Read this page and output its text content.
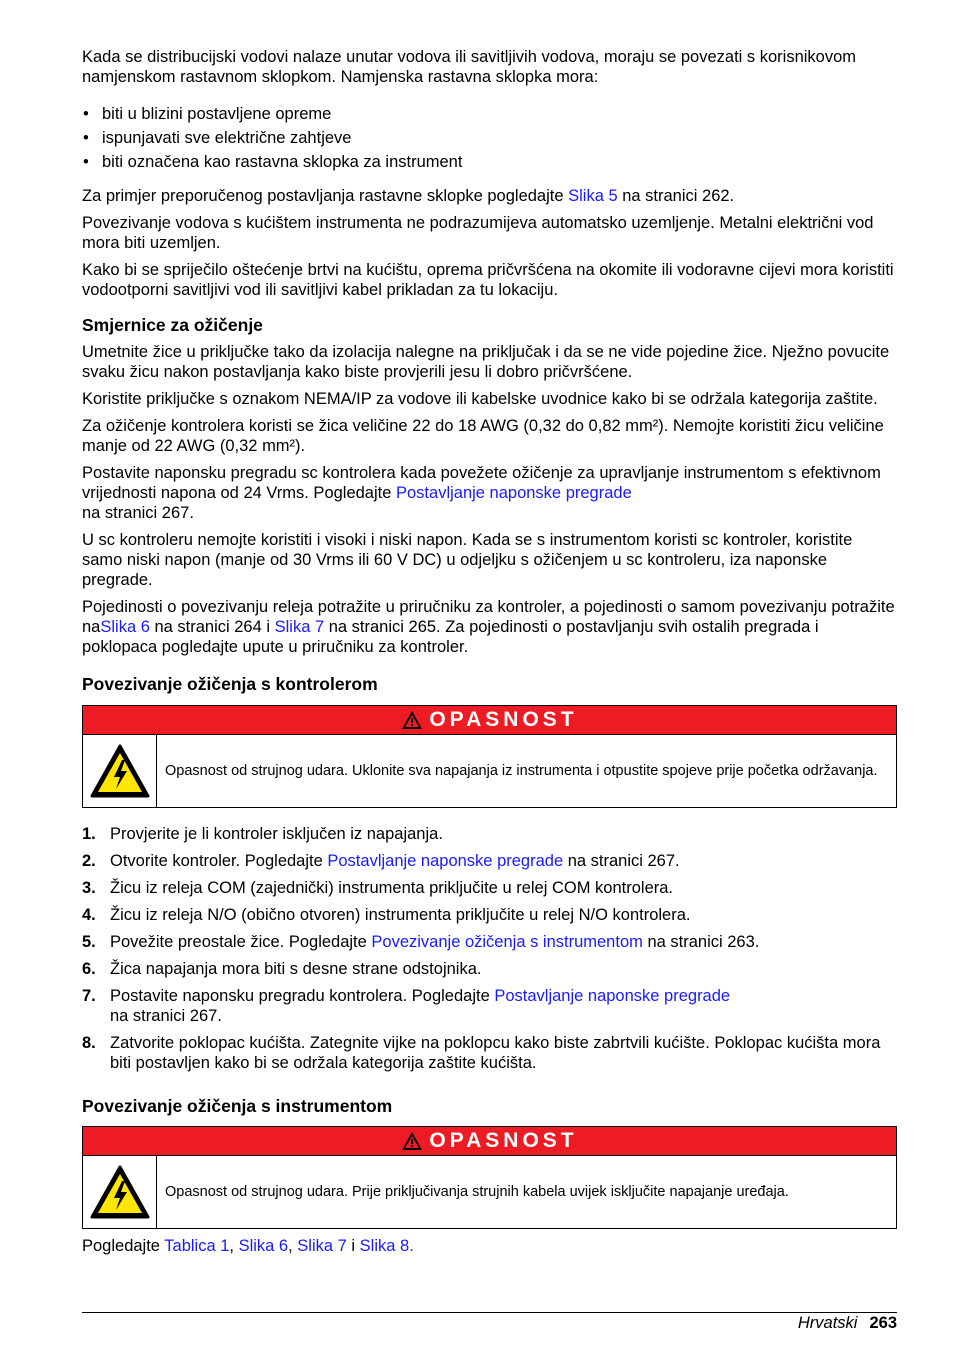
Kada se distribucijski vodovi nalaze unutar vodova ili savitljivih vodova, moraju se povezati s korisnikovom namjenskom rastavnom sklopkom. Namjenska rastavna sklopka mora:

• biti u blizini postavljene opreme
• ispunjavati sve električne zahtjeve
• biti označena kao rastavna sklopka za instrument

Za primjer preporučenog postavljanja rastavne sklopke pogledajte Slika 5 na stranici 262.

Povezivanje vodova s kućištem instrumenta ne podrazumijeva automatsko uzemljenje. Metalni električni vod mora biti uzemljen.

Kako bi se spriječilo oštećenje brtvi na kućištu, oprema pričvršćena na okomite ili vodoravne cijevi mora koristiti vodootporni savitljivi vod ili savitljivi kabel prikladan za tu lokaciju.

Smjernice za ožičenje

Umetnite žice u priključke tako da izolacija nalegne na priključak i da se ne vide pojedine žice. Nježno povucite svaku žicu nakon postavljanja kako biste provjerili jesu li dobro pričvršćene.

Koristite priključke s oznakom NEMA/IP za vodove ili kabelske uvodnice kako bi se održala kategorija zaštite.

Za ožičenje kontrolera koristi se žica veličine 22 do 18 AWG (0,32 do 0,82 mm²). Nemojte koristiti žicu veličine manje od 22 AWG (0,32 mm²).

Postavite naponsku pregradu sc kontrolera kada povežete ožičenje za upravljanje instrumentom s efektivnom vrijednosti napona od 24 Vrms. Pogledajte Postavljanje naponske pregrade
na stranici 267.

U sc kontroleru nemojte koristiti i visoki i niski napon. Kada se s instrumentom koristi sc kontroler, koristite samo niski napon (manje od 30 Vrms ili 60 V DC) u odjeljku s ožičenjem u sc kontroleru, iza naponske pregrade.

Pojedinosti o povezivanju releja potražite u priručniku za kontroler, a pojedinosti o samom povezivanju potražite naSlika 6 na stranici 264 i Slika 7 na stranici 265. Za pojedinosti o postavljanju svih ostalih pregrada i poklopaca pogledajte upute u priručniku za kontroler.

Povezivanje ožičenja s kontrolerom
OPASNOST
Opasnost od strujnog udara. Uklonite sva napajanja iz instrumenta i otpustite spojeve prije početka održavanja.
1. Provjerite je li kontroler isključen iz napajanja.
2. Otvorite kontroler. Pogledajte Postavljanje naponske pregrade na stranici 267.
3. Žicu iz releja COM (zajednički) instrumenta priključite u relej COM kontrolera.
4. Žicu iz releja N/O (obično otvoren) instrumenta priključite u relej N/O kontrolera.
5. Povežite preostale žice. Pogledajte Povezivanje ožičenja s instrumentom na stranici 263.
6. Žica napajanja mora biti s desne strane odstojnika.
7. Postavite naponsku pregradu kontrolera. Pogledajte Postavljanje naponske pregrade
na stranici 267.
8. Zatvorite poklopac kućišta. Zategnite vijke na poklopcu kako biste zabrtvili kućište. Poklopac kućišta mora biti postavljen kako bi se održala kategorija zaštite kućišta.
Povezivanje ožičenja s instrumentom
OPASNOST
Opasnost od strujnog udara. Prije priključivanja strujnih kabela uvijek isključite napajanje uređaja.

Pogledajte Tablica 1, Slika 6, Slika 7 i Slika 8.

Hrvatski 263
